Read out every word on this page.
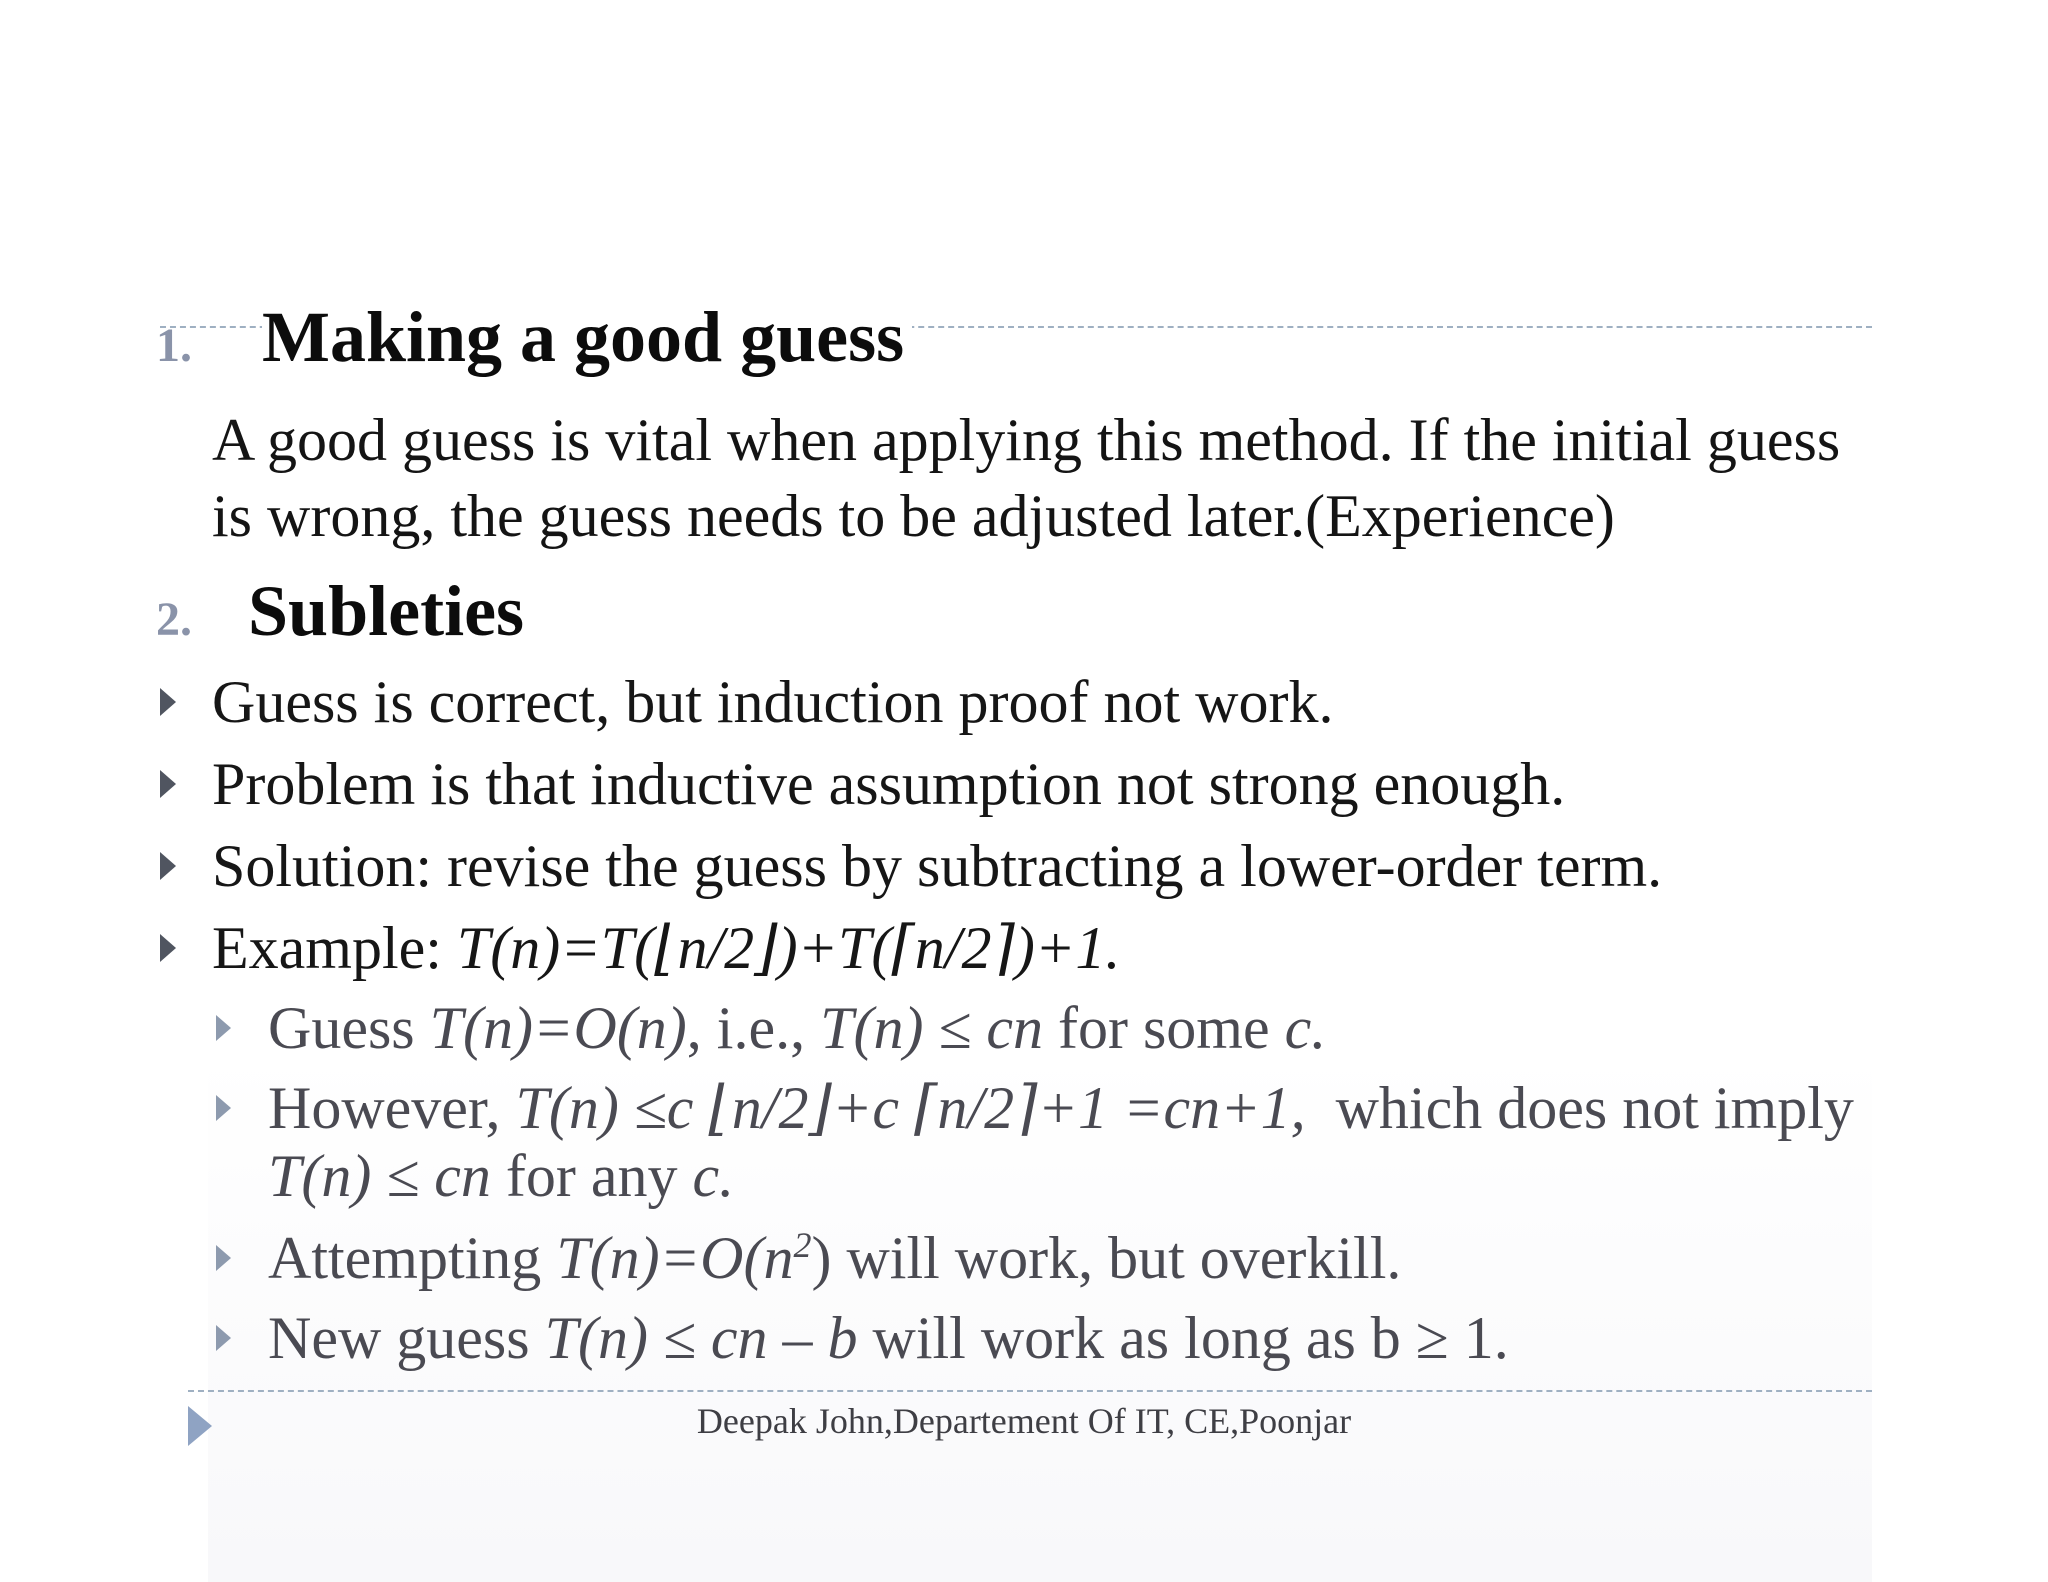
1. Making a good guess
A good guess is vital when applying this method. If the initial guess
is wrong, the guess needs to be adjusted later.(Experience)
2. Subleties
Guess is correct, but induction proof not work.
Problem is that inductive assumption not strong enough.
Solution: revise the guess by subtracting a lower-order term.
Example: T(n)=T(⌊n/2⌋)+T(⌈n/2⌉)+1.
Guess T(n)=O(n), i.e., T(n) ≤ cn for some c.
However, T(n) ≤c ⌊n/2⌋+c ⌈n/2⌉+1 =cn+1,  which does not imply
T(n) ≤ cn for any c.
Attempting $T(n)=O(n^2)$ will work, but overkill.
New guess T(n) ≤ cn – b will work as long as b ≥ 1.
Deepak John,Departement Of IT, CE,Poonjar
